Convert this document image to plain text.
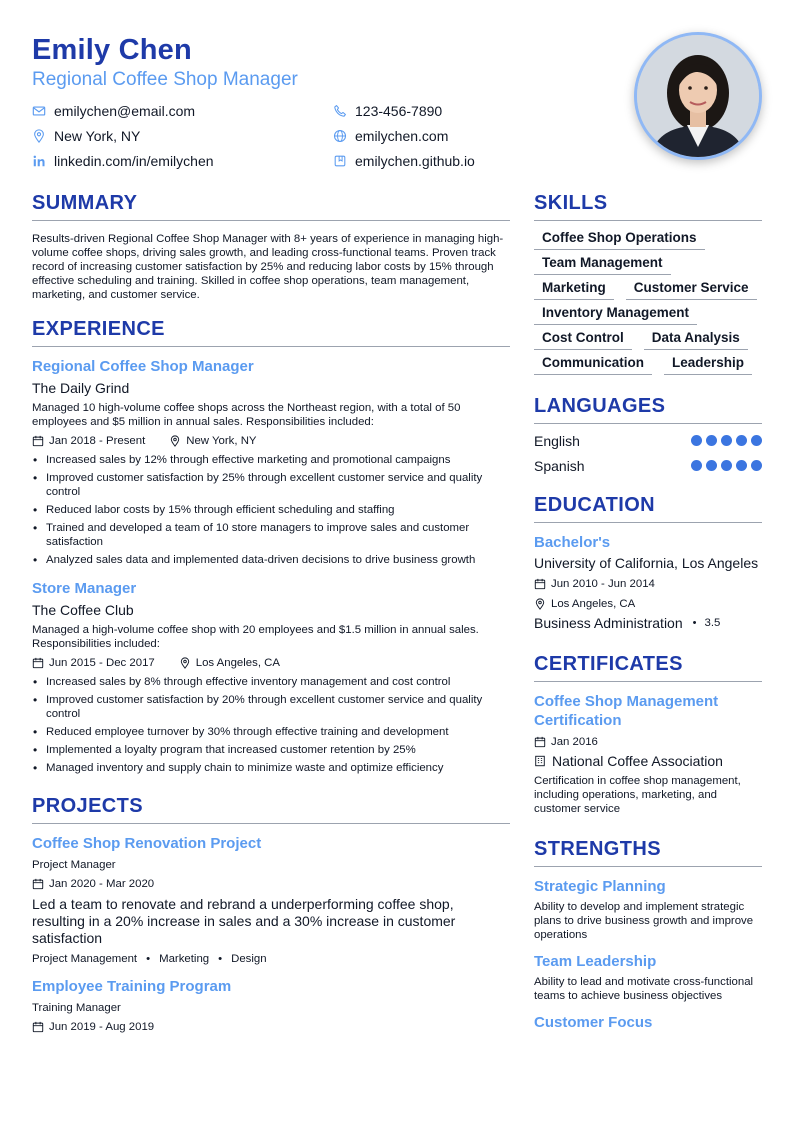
Emily Chen
Regional Coffee Shop Manager
emilychen@email.com	123-456-7890
New York, NY	emilychen.com
linkedin.com/in/emilychen	emilychen.github.io
SUMMARY
Results-driven Regional Coffee Shop Manager with 8+ years of experience in managing high-volume coffee shops, driving sales growth, and leading cross-functional teams. Proven track record of increasing customer satisfaction by 25% and reducing labor costs by 15% through effective scheduling and training. Skilled in coffee shop operations, team management, marketing, and customer service.
EXPERIENCE
Regional Coffee Shop Manager
The Daily Grind
Managed 10 high-volume coffee shops across the Northeast region, with a total of 50 employees and $5 million in annual sales. Responsibilities included:
Jan 2018 - Present	New York, NY
• Increased sales by 12% through effective marketing and promotional campaigns
• Improved customer satisfaction by 25% through excellent customer service and quality control
• Reduced labor costs by 15% through efficient scheduling and staffing
• Trained and developed a team of 10 store managers to improve sales and customer satisfaction
• Analyzed sales data and implemented data-driven decisions to drive business growth
Store Manager
The Coffee Club
Managed a high-volume coffee shop with 20 employees and $1.5 million in annual sales. Responsibilities included:
Jun 2015 - Dec 2017	Los Angeles, CA
• Increased sales by 8% through effective inventory management and cost control
• Improved customer satisfaction by 20% through excellent customer service and quality control
• Reduced employee turnover by 30% through effective training and development
• Implemented a loyalty program that increased customer retention by 25%
• Managed inventory and supply chain to minimize waste and optimize efficiency
PROJECTS
Coffee Shop Renovation Project
Project Manager
Jan 2020 - Mar 2020
Led a team to renovate and rebrand a underperforming coffee shop, resulting in a 20% increase in sales and a 30% increase in customer satisfaction
Project Management • Marketing • Design
Employee Training Program
Training Manager
Jun 2019 - Aug 2019
SKILLS
Coffee Shop Operations
Team Management
Marketing	Customer Service
Inventory Management
Cost Control	Data Analysis
Communication	Leadership
LANGUAGES
English
Spanish
EDUCATION
Bachelor's
University of California, Los Angeles
Jun 2010 - Jun 2014
Los Angeles, CA
Business Administration • 3.5
CERTIFICATES
Coffee Shop Management Certification
Jan 2016
National Coffee Association
Certification in coffee shop management, including operations, marketing, and customer service
STRENGTHS
Strategic Planning
Ability to develop and implement strategic plans to drive business growth and improve operations
Team Leadership
Ability to lead and motivate cross-functional teams to achieve business objectives
Customer Focus
